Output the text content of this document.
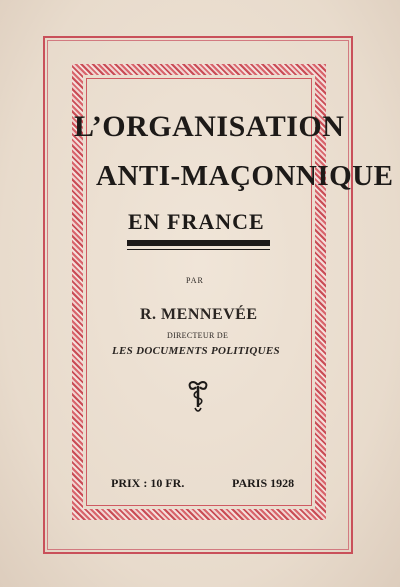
L’ORGANISATION
ANTI-MAÇONNIQUE
EN FRANCE

PAR

R. MENNEVÉE

DIRECTEUR DE

LES DOCUMENTS POLITIQUES

PRIX : 10 FR.	PARIS 1928
